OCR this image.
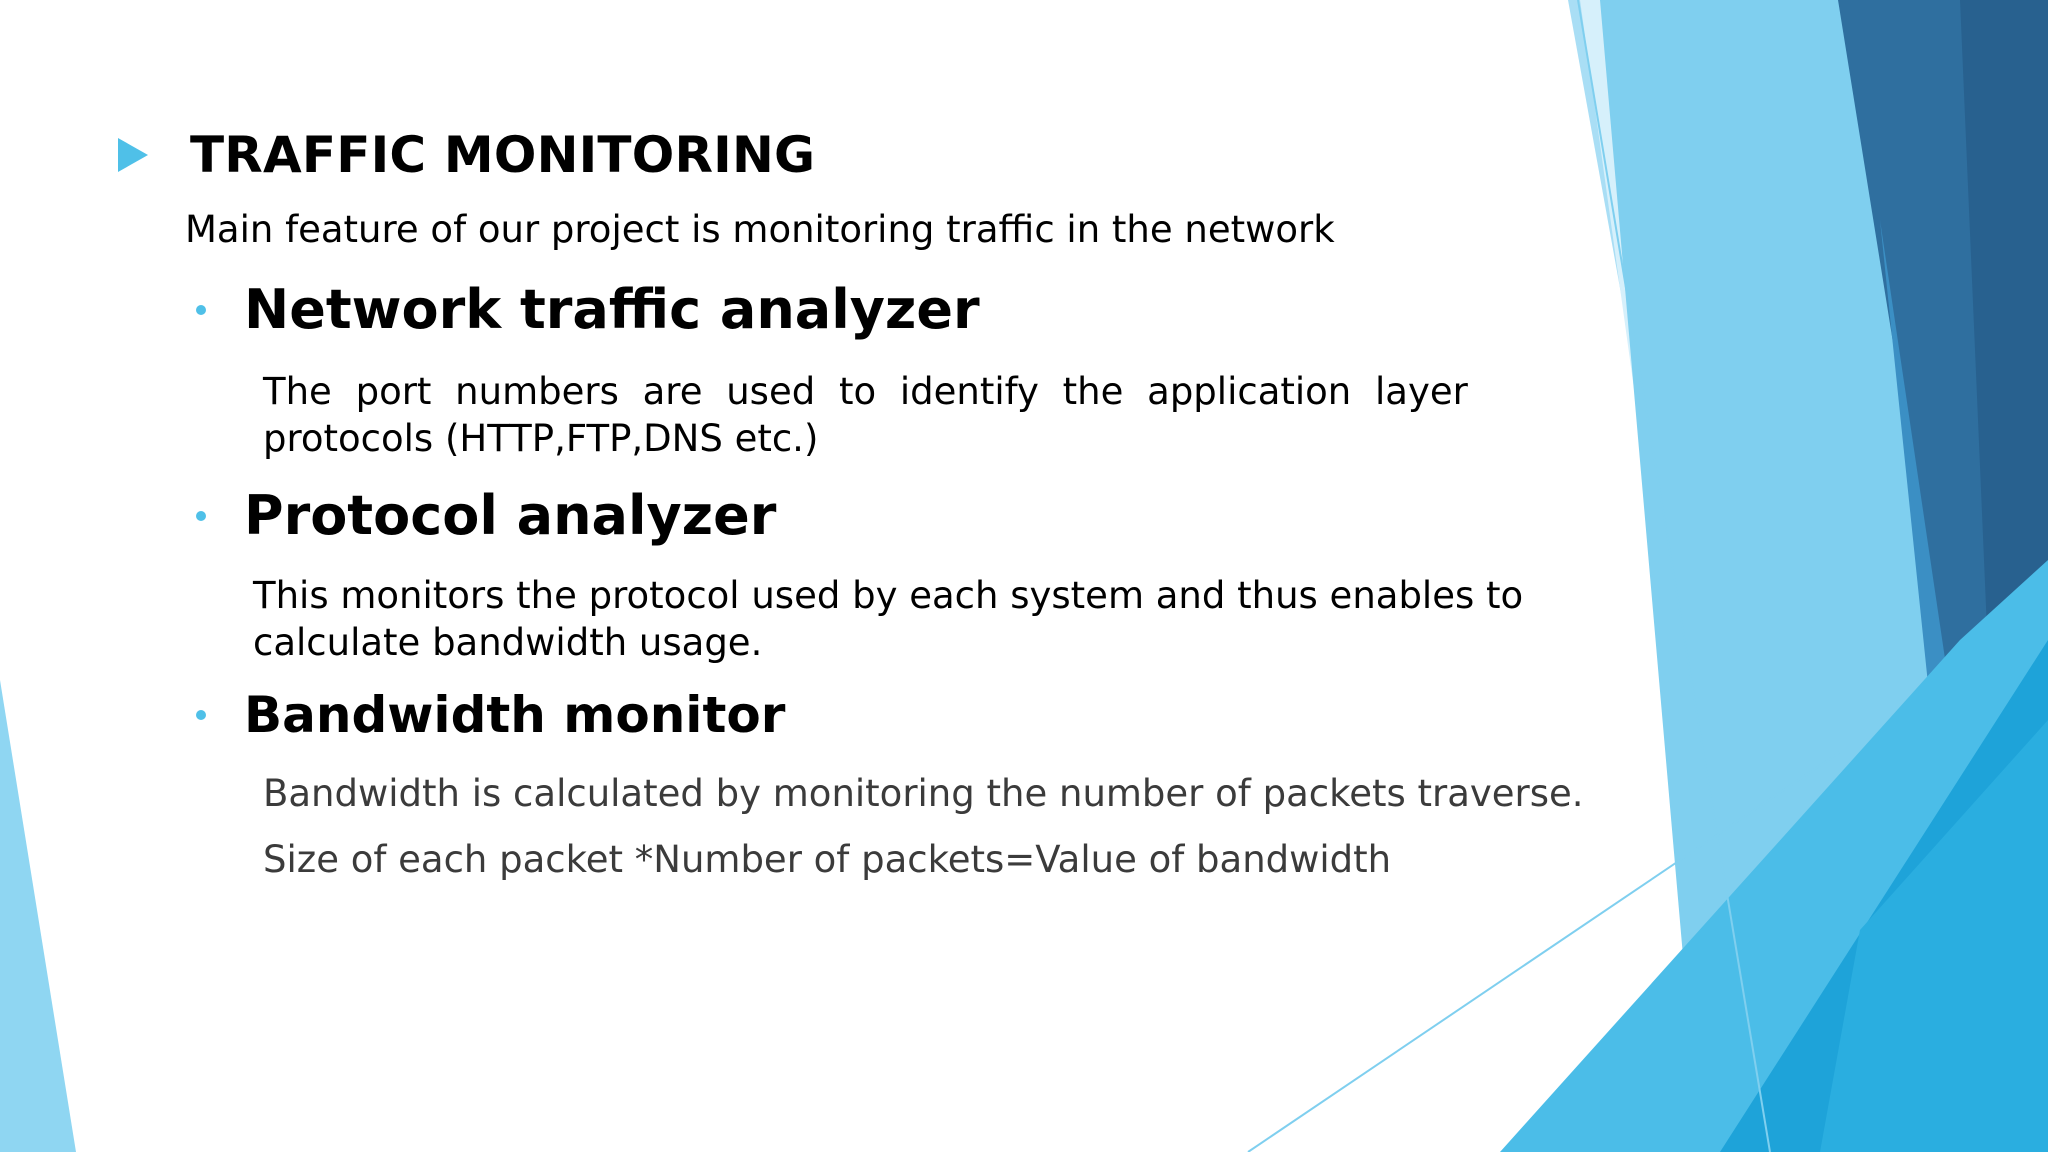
TRAFFIC MONITORING
Main feature of our project is monitoring traffic in the network
Network traffic analyzer
The port numbers are used to identify the application layer
protocols (HTTP,FTP,DNS etc.)
Protocol analyzer
This monitors the protocol used by each system and thus enables to
calculate bandwidth usage.
Bandwidth monitor
Bandwidth is calculated by monitoring the number of packets traverse.
Size of each packet *Number of packets=Value of bandwidth
